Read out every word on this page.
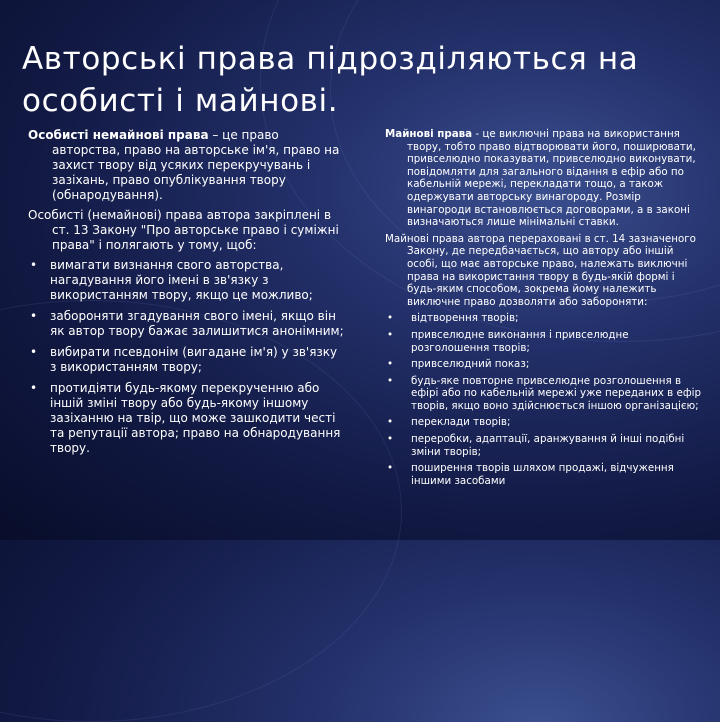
Авторські права підрозділяються на особисті і майнові.

Особисті немайнові права – це право авторства, право на авторське ім'я, право на захист твору від усяких перекручувань і зазіхань, право опублікування твору (обнародування).

Особисті (немайнові) права автора закріплені в ст. 13 Закону "Про авторське право і суміжні права" і полягають у тому, щоб:

• вимагати визнання свого авторства, нагадування його імені в зв'язку з використанням твору, якщо це можливо;
• забороняти згадування свого імені, якщо він як автор твору бажає залишитися анонімним;
• вибирати псевдонім (вигадане ім'я) у зв'язку з використанням твору;
• протидіяти будь-якому перекрученню або іншій зміні твору або будь-якому іншому зазіханню на твір, що може зашкодити честі та репутації автора; право на обнародування твору.

Майнові права - це виключні права на використання твору, тобто право відтворювати його, поширювати, привселюдно показувати, привселюдно виконувати, повідомляти для загального відання в ефір або по кабельній мережі, перекладати тощо, а також одержувати авторську винагороду. Розмір винагороди встановлюється договорами, а в законі визначаються лише мінімальні ставки.

Майнові права автора перераховані в ст. 14 зазначеного Закону, де передбачається, що автору або іншій особі, що має авторське право, належать виключні права на використання твору в будь-якій формі і будь-яким способом, зокрема йому належить виключне право дозволяти або забороняти:

• відтворення творів;
• привселюдне виконання і привселюдне розголошення творів;
• привселюдний показ;
• будь-яке повторне привселюдне розголошення в ефірі або по кабельній мережі уже переданих в ефір творів, якщо воно здійснюється іншою організацією;
• переклади творів;
• переробки, адаптації, аранжування й інші подібні зміни творів;
• поширення творів шляхом продажі, відчуження іншими засобами
